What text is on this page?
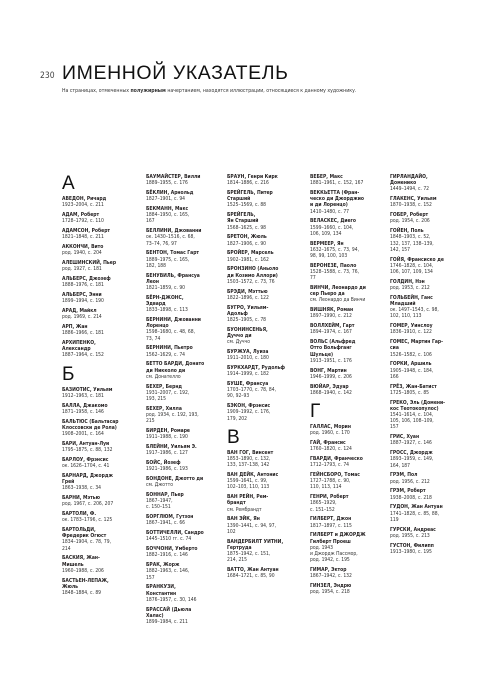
230 ИМЕННОЙ УКАЗАТЕЛЬ
На страницах, отмеченных полужирным начертанием, находятся иллюстрации, относящиеся к данному художнику.
А
АВЕДОН, Ричард
1923–2004, с. 211
АДАМ, Роберт
1728–1792, с. 110
АДАМСОН, Роберт
1821–1848, с. 211
АККОНЧИ, Вито
род. 1940, с. 204
АЛЕШИНСКИЙ, Пьер
род. 1927, с. 181
АЛЬБЕРС, Джозеф
1888–1976, с. 181
АЛЬБЕРС, Энни
1899–1994, с. 190
АРАД, Майкл
род. 1969, с. 214
АРП, Жан
1886–1966, с. 181
АРХИПЕНКО,
Александр
1887–1964, с. 152
Б
БАЗИОТИС, Уильям
1912–1963, с. 181
БАЛЛА, Джакомо
1871–1958, с. 146
БАЛЬТЮС (Бальтасар
Клоссовски де Рола)
1908–2001, с. 164
БАРИ, Антуан-Луи
1795–1875, с. 88, 132
БАРЛОУ, Фрэнсис
ок. 1626–1704, с. 41
БАРНАРД, Джордж
Грей
1863–1938, с. 34
БАРНИ, Мэтью
род. 1967, с. 206, 207
БАРТОЛИ, Ф.
ок. 1783–1796, с. 125
БАРТОЛЬДИ,
Фредерик Огюст
1834–1904, с. 78, 79,
214
БАСКИЯ, Жан-
Мишель
1960–1988, с. 206
БАСТЬЕН-ЛЕПАЖ,
Жюль
1848–1884, с. 89
БАУМАЙСТЕР, Вилли
1889–1955, с. 176
БЁКЛИН, Арнольд
1827–1901, с. 94
БЕКМАНН, Макс
1884–1950, с. 165,
167
БЕЛЛИНИ, Джованни
ок. 1430–1516, с. 68,
73–74, 76, 97
БЕНТОН, Томас Гарт
1889–1975, с. 165,
182, 188
БЕНУВИЛЬ, Франсуа
Леон
1821–1859, с. 90
БЁРН-ДЖОНС,
Эдвард
1833–1898, с. 113
БЕРНИНИ, Джованни
Лоренцо
1598–1680, с. 48, 68,
73, 74
БЕРНИНИ, Пьетро
1562–1629, с. 74
БЕТТО БАРДИ, Донато
ди Никколо ди
см. Донателло
БЕХЕР, Бернд
1931–2007, с. 192,
193, 215
БЕХЕР, Хилла
род. 1934, с. 192, 193,
215
БИРДЕН, Ромаре
1911–1988, с. 190
БЛЕЙНИ, Уильям Э.
1917–1986, с. 127
БОЙС, Йозеф
1921–1986, с. 193
БОНДОНЕ, Джотто ди
см. Джотто
БОННАР, Пьер
1867–1947,
с. 150–151
БОРГЛЮМ, Гутзон
1867–1941, с. 66
БОТТИЧЕЛЛИ, Сандро
1445–1510 гг. с. 74
БОЧЧОНИ, Умберто
1882–1916, с. 146
БРАК, Жорж
1882–1963, с. 146,
157
БРАНКУЗИ,
Константин
1876–1957, с. 30, 146
БРАССАЙ (Дьюла
Халас)
1899–1984, с. 211
БРАУН, Генри Кирк
1814–1886, с. 216
БРЕЙГЕЛЬ, Питер
Старший
1525–1569, с. 88
БРЕЙГЕЛЬ,
Ян Старший
1568–1625, с. 98
БРЕТОН, Жюль
1827–1906, с. 90
БРОЙЕР, Марсель
1902–1981, с. 162
БРОНЗИНО (Аньоло
ди Козимо Аллори)
1503–1572, с. 73, 76
БРЭДИ, Мэттью
1822–1896, с. 122
БУГРО, Уильям-
Адольф
1825–1905, с. 78
БУОНИНСЕНЬЯ,
Дуччо ди
см. Дуччо
БУРЖУА, Луиза
1911–2010, с. 180
БУРКХАРДТ, Рудольф
1914–1999, с. 182
БУШЕ, Франсуа
1703–1770, с. 78, 84,
90, 92–93
БЭКОН, Фрэнсис
1909–1992, с. 176,
179, 202
В
ВАН ГОГ, Винсент
1853–1890, с. 132,
133, 137–138, 142
ВАН ДЕЙК, Антонис
1599–1641, с. 99,
102–103, 110, 113
ВАН РЕЙН, Рем-
брандт
см. Рембрандт
ВАН ЭЙК, Ян
1390–1441, с. 94, 97,
102
ВАНДЕРБИЛТ УИТНИ,
Гертруда
1875–1942, с. 151,
214, 215
ВАТТО, Жан Антуан
1684–1721, с. 85, 90
ВЕБЕР, Макс
1881–1961, с. 152, 167
ВЕККЬЕТТА (Фран-
ческо ди Джорджио
и ди Лоренцо)
1410–1480, с. 77
ВЕЛАСКЕС, Диего
1599–1660, с. 104,
106, 109, 134
ВЕРМЕЕР, Ян
1632–1675, с. 73, 94,
98, 99, 100, 103
ВЕРОНЕЗЕ, Паоло
1528–1588, с. 73, 76,
77
ВИНЧИ, Леонардо ди
сер Пьеро да
см. Леонардо да Винчи
ВИШНЯК, Роман
1897–1990, с. 212
ВОЛЛХЕЙМ, Гарт
1894–1974, с. 167
ВОЛЬС (Альфред
Отто Вольфганг
Шульце)
1913–1951, с. 176
ВОНГ, Мартин
1946–1999, с. 206
ВЮЙАР, Эдуар
1868–1940, с. 142
Г
ГАЛЛАС, Морин
род. 1960, с. 170
ГАЙ, Франсис
1760–1820, с. 124
ГВАРДИ, Франческо
1712–1793, с. 74
ГЕЙНСБОРО, Томас
1727–1788, с. 90,
110, 113, 114
ГЕНРИ, Роберт
1865–1929,
с. 151–152
ГИЛБЕРТ, Джон
1817–1897, с. 115
ГИЛБЕРТ и ДЖОРДЖ
Гилберт Проеш
род. 1943
и Джордж Пассмор,
род. 1942, с. 195
ГИМАР, Эктор
1867–1942, с. 132
ГИНЗЕЛ, Эндрю
род. 1954, с. 218
ГИРЛАНДАЙО,
Доменико
1449–1494, с. 72
ГЛАКЕНС, Уильям
1870–1938, с. 152
ГОБЕР, Роберт
род. 1954, с. 206
ГОЙЕН, Поль
1848–1903, с. 52,
132, 137, 138–139,
142, 157
ГОЙЯ, Франсиско де
1746–1828, с. 104,
106, 107, 109, 134
ГОЛДИН, Нэн
род. 1953, с. 212
ГОЛЬБЕЙН, Ганс
Младший
ок. 1497–1543, с. 98,
102, 110, 113
ГОМЕР, Уинслоу
1836–1910, с. 122
ГОМЕС, Мартин Гар-
сиа
1526–1582, с. 106
ГОРКИ, Аршиль
1905–1948, с. 184,
166
ГРЁЗ, Жан-Батист
1725–1805, с. 85
ГРЕКО, Эль (Домени-
кос Теотокопулос)
1541–1614, с. 104,
105, 106, 108–109,
157
ГРИС, Хуан
1887–1927, с. 146
ГРОСС, Джордж
1893–1959, с. 149,
164, 187
ГРЭМ, Пол
род. 1956, с. 212
ГРЭМ, Роберт
1938–2008, с. 218
ГУДОН, Жан Антуан
1741–1828, с. 85, 88,
119
ГУРСКИ, Андреас
род. 1955, с. 213
ГУСТОН, Филипп
1913–1980, с. 195
